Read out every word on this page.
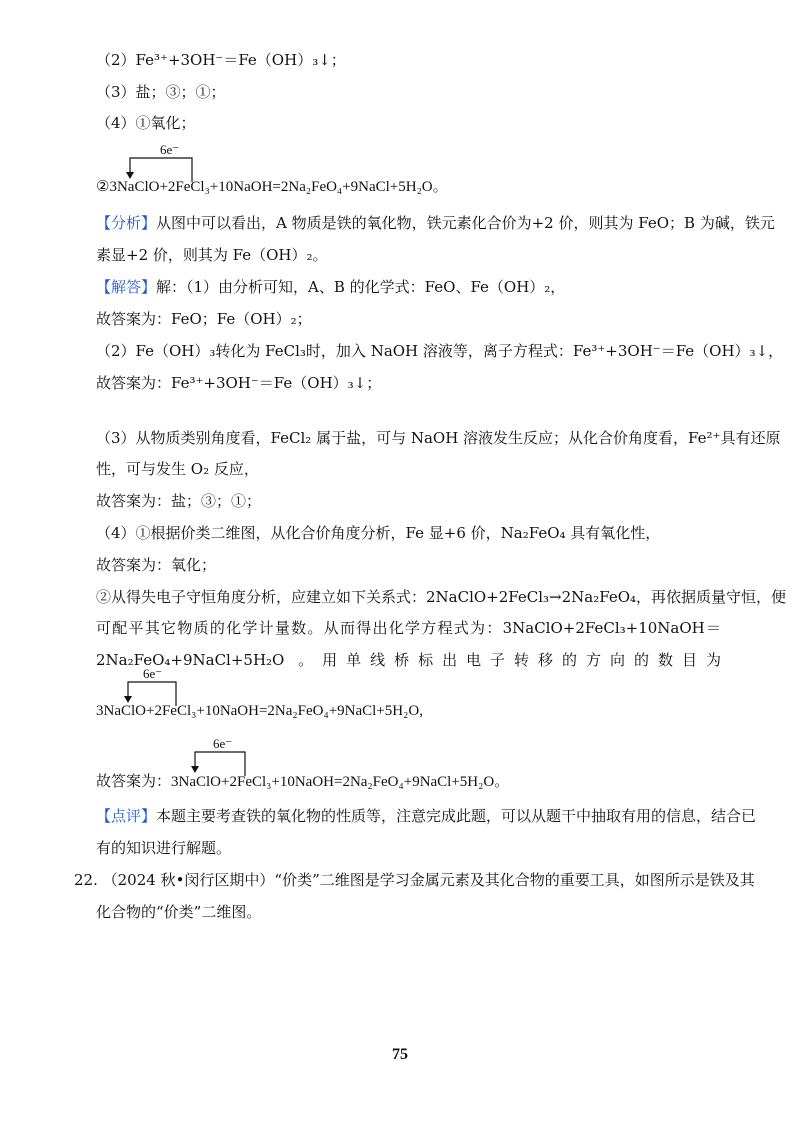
（2）Fe³⁺+3OH⁻＝Fe（OH）₃↓；
（3）盐；③；①；
（4）①氧化；
6e⁻
②3NaClO+2FeCl₃+10NaOH=2Na₂FeO₄+9NaCl+5H₂O。
【分析】从图中可以看出，A 物质是铁的氧化物，铁元素化合价为+2 价，则其为 FeO；B 为碱，铁元
素显+2 价，则其为 Fe（OH）₂。
【解答】解：（1）由分析可知，A、B 的化学式：FeO、Fe（OH）₂，
故答案为：FeO；Fe（OH）₂；
（2）Fe（OH）₃转化为 FeCl₃时，加入 NaOH 溶液等，离子方程式：Fe³⁺+3OH⁻＝Fe（OH）₃↓，
故答案为：Fe³⁺+3OH⁻＝Fe（OH）₃↓；
（3）从物质类别角度看，FeCl₂ 属于盐，可与 NaOH 溶液发生反应；从化合价角度看，Fe²⁺具有还原
性，可与发生 O₂ 反应，
故答案为：盐；③；①；
（4）①根据价类二维图，从化合价角度分析，Fe 显+6 价，Na₂FeO₄ 具有氧化性，
故答案为：氧化；
②从得失电子守恒角度分析，应建立如下关系式：2NaClO+2FeCl₃→2Na₂FeO₄，再依据质量守恒，便
可配平其它物质的化学计量数。从而得出化学方程式为：3NaClO+2FeCl₃+10NaOH＝
2Na₂FeO₄+9NaCl+5H₂O 。用单线桥标出电子转移的方向的数目为
6e⁻
3NaClO+2FeCl₃+10NaOH=2Na₂FeO₄+9NaCl+5H₂O,
6e⁻
故答案为：3NaClO+2FeCl₃+10NaOH=2Na₂FeO₄+9NaCl+5H₂O。
【点评】本题主要考查铁的氧化物的性质等，注意完成此题，可以从题干中抽取有用的信息，结合已
有的知识进行解题。
22. （2024 秋•闵行区期中）“价类”二维图是学习金属元素及其化合物的重要工具，如图所示是铁及其
化合物的“价类”二维图。
75
